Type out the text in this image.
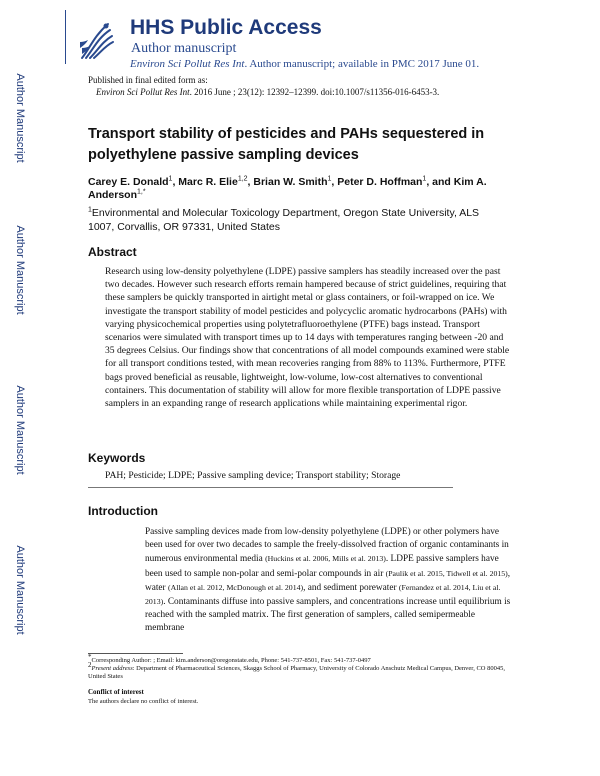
Author Manuscript
Author Manuscript
Author Manuscript
Author Manuscript
HHS Public Access
Author manuscript
Environ Sci Pollut Res Int. Author manuscript; available in PMC 2017 June 01.
Published in final edited form as:
Environ Sci Pollut Res Int. 2016 June ; 23(12): 12392–12399. doi:10.1007/s11356-016-6453-3.
Transport stability of pesticides and PAHs sequestered in polyethylene passive sampling devices
Carey E. Donald$^1$, Marc R. Elie$^{1,2}$, Brian W. Smith$^1$, Peter D. Hoffman$^1$, and Kim A. Anderson$^{1,*}$
$^1$Environmental and Molecular Toxicology Department, Oregon State University, ALS 1007, Corvallis, OR 97331, United States
Abstract
Research using low-density polyethylene (LDPE) passive samplers has steadily increased over the past two decades. However such research efforts remain hampered because of strict guidelines, requiring that these samplers be quickly transported in airtight metal or glass containers, or foil-wrapped on ice. We investigate the transport stability of model pesticides and polycyclic aromatic hydrocarbons (PAHs) with varying physicochemical properties using polytetrafluoroethylene (PTFE) bags instead. Transport scenarios were simulated with transport times up to 14 days with temperatures ranging between -20 and 35 degrees Celsius. Our findings show that concentrations of all model compounds examined were stable for all transport conditions tested, with mean recoveries ranging from 88% to 113%. Furthermore, PTFE bags proved beneficial as reusable, lightweight, low-volume, low-cost alternatives to conventional containers. This documentation of stability will allow for more flexible transportation of LDPE passive samplers in an expanding range of research applications while maintaining experimental rigor.
Keywords
PAH; Pesticide; LDPE; Passive sampling device; Transport stability; Storage
Introduction
Passive sampling devices made from low-density polyethylene (LDPE) or other polymers have been used for over two decades to sample the freely-dissolved fraction of organic contaminants in numerous environmental media (Huckins et al. 2006, Mills et al. 2013). LDPE passive samplers have been used to sample non-polar and semi-polar compounds in air (Paulik et al. 2015, Tidwell et al. 2015), water (Allan et al. 2012, McDonough et al. 2014), and sediment porewater (Fernandez et al. 2014, Liu et al. 2013). Contaminants diffuse into passive samplers, and concentrations increase until equilibrium is reached with the sampled matrix. The first generation of samplers, called semipermeable membrane
*Corresponding Author: ; Email: kim.anderson@oregonstate.edu, Phone: 541-737-8501, Fax: 541-737-0497
$^2$Present address: Department of Pharmaceutical Sciences, Skaggs School of Pharmacy, University of Colorado Anschutz Medical Campus, Denver, CO 80045, United States
Conflict of interest
The authors declare no conflict of interest.
